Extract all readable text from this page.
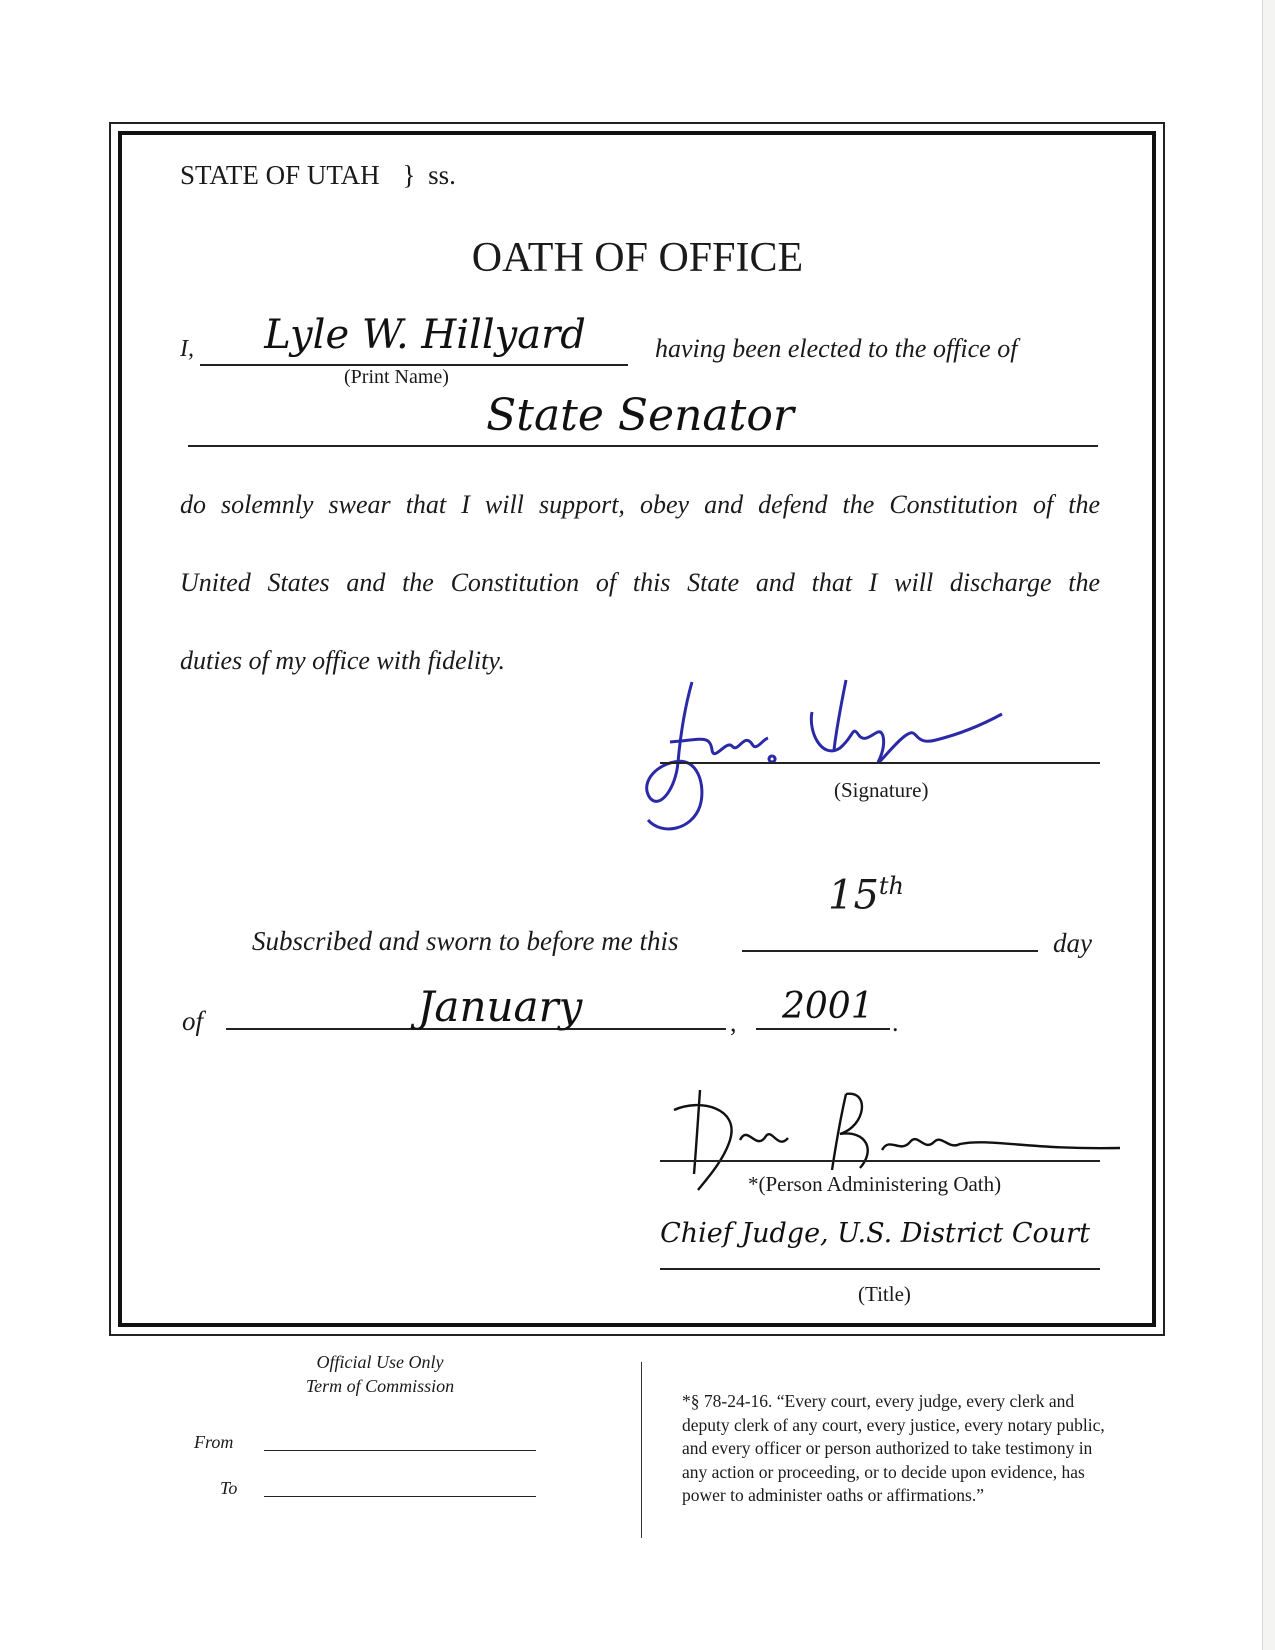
STATE OF UTAH } ss.
OATH OF OFFICE
I,	Lyle W. Hillyard
(Print Name)
having been elected to the office of
State Senator
do solemnly swear that I will support, obey and defend the Constitution of the
United States and the Constitution of this State and that I will discharge the
duties of my office with fidelity.
(Signature)
Subscribed and sworn to before me this
15th
day
of	January	, 2001 .
*(Person Administering Oath)
Chief Judge, U.S. District Court
(Title)
Official Use Only
Term of Commission
From
To
*§ 78-24-16. “Every court, every judge, every clerk and
deputy clerk of any court, every justice, every notary public,
and every officer or person authorized to take testimony in
any action or proceeding, or to decide upon evidence, has
power to administer oaths or affirmations.”
